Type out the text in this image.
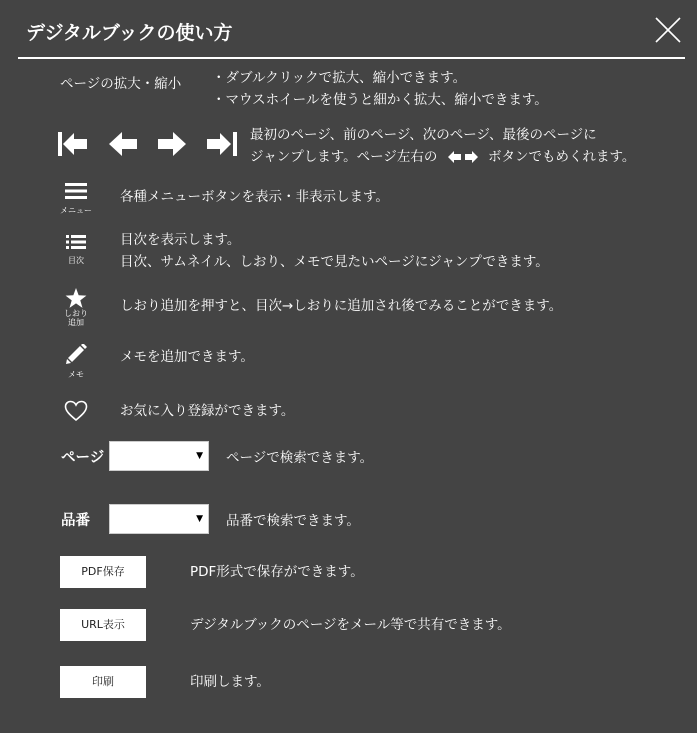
デジタルブックの使い方
ページの拡大・縮小 ・ダブルクリックで拡大、縮小できます。
・マウスホイールを使うと細かく拡大、縮小できます。
最初のページ、前のページ、次のページ、最後のページに
ジャンプします。ページ左右の	ボタンでもめくれます。
メニュー
各種メニューボタンを表示・非表示します。
目次
目次を表示します。
目次、サムネイル、しおり、メモで見たいページにジャンプできます。
しおり
追加
しおり追加を押すと、目次→しおりに追加され後でみることができます。
メモ
メモを追加できます。
お気に入り登録ができます。
ページ	▼ ページで検索できます。
品番	▼ 品番で検索できます。
PDF保存	PDF形式で保存ができます。
URL表示	デジタルブックのページをメール等で共有できます。
印刷	印刷します。
